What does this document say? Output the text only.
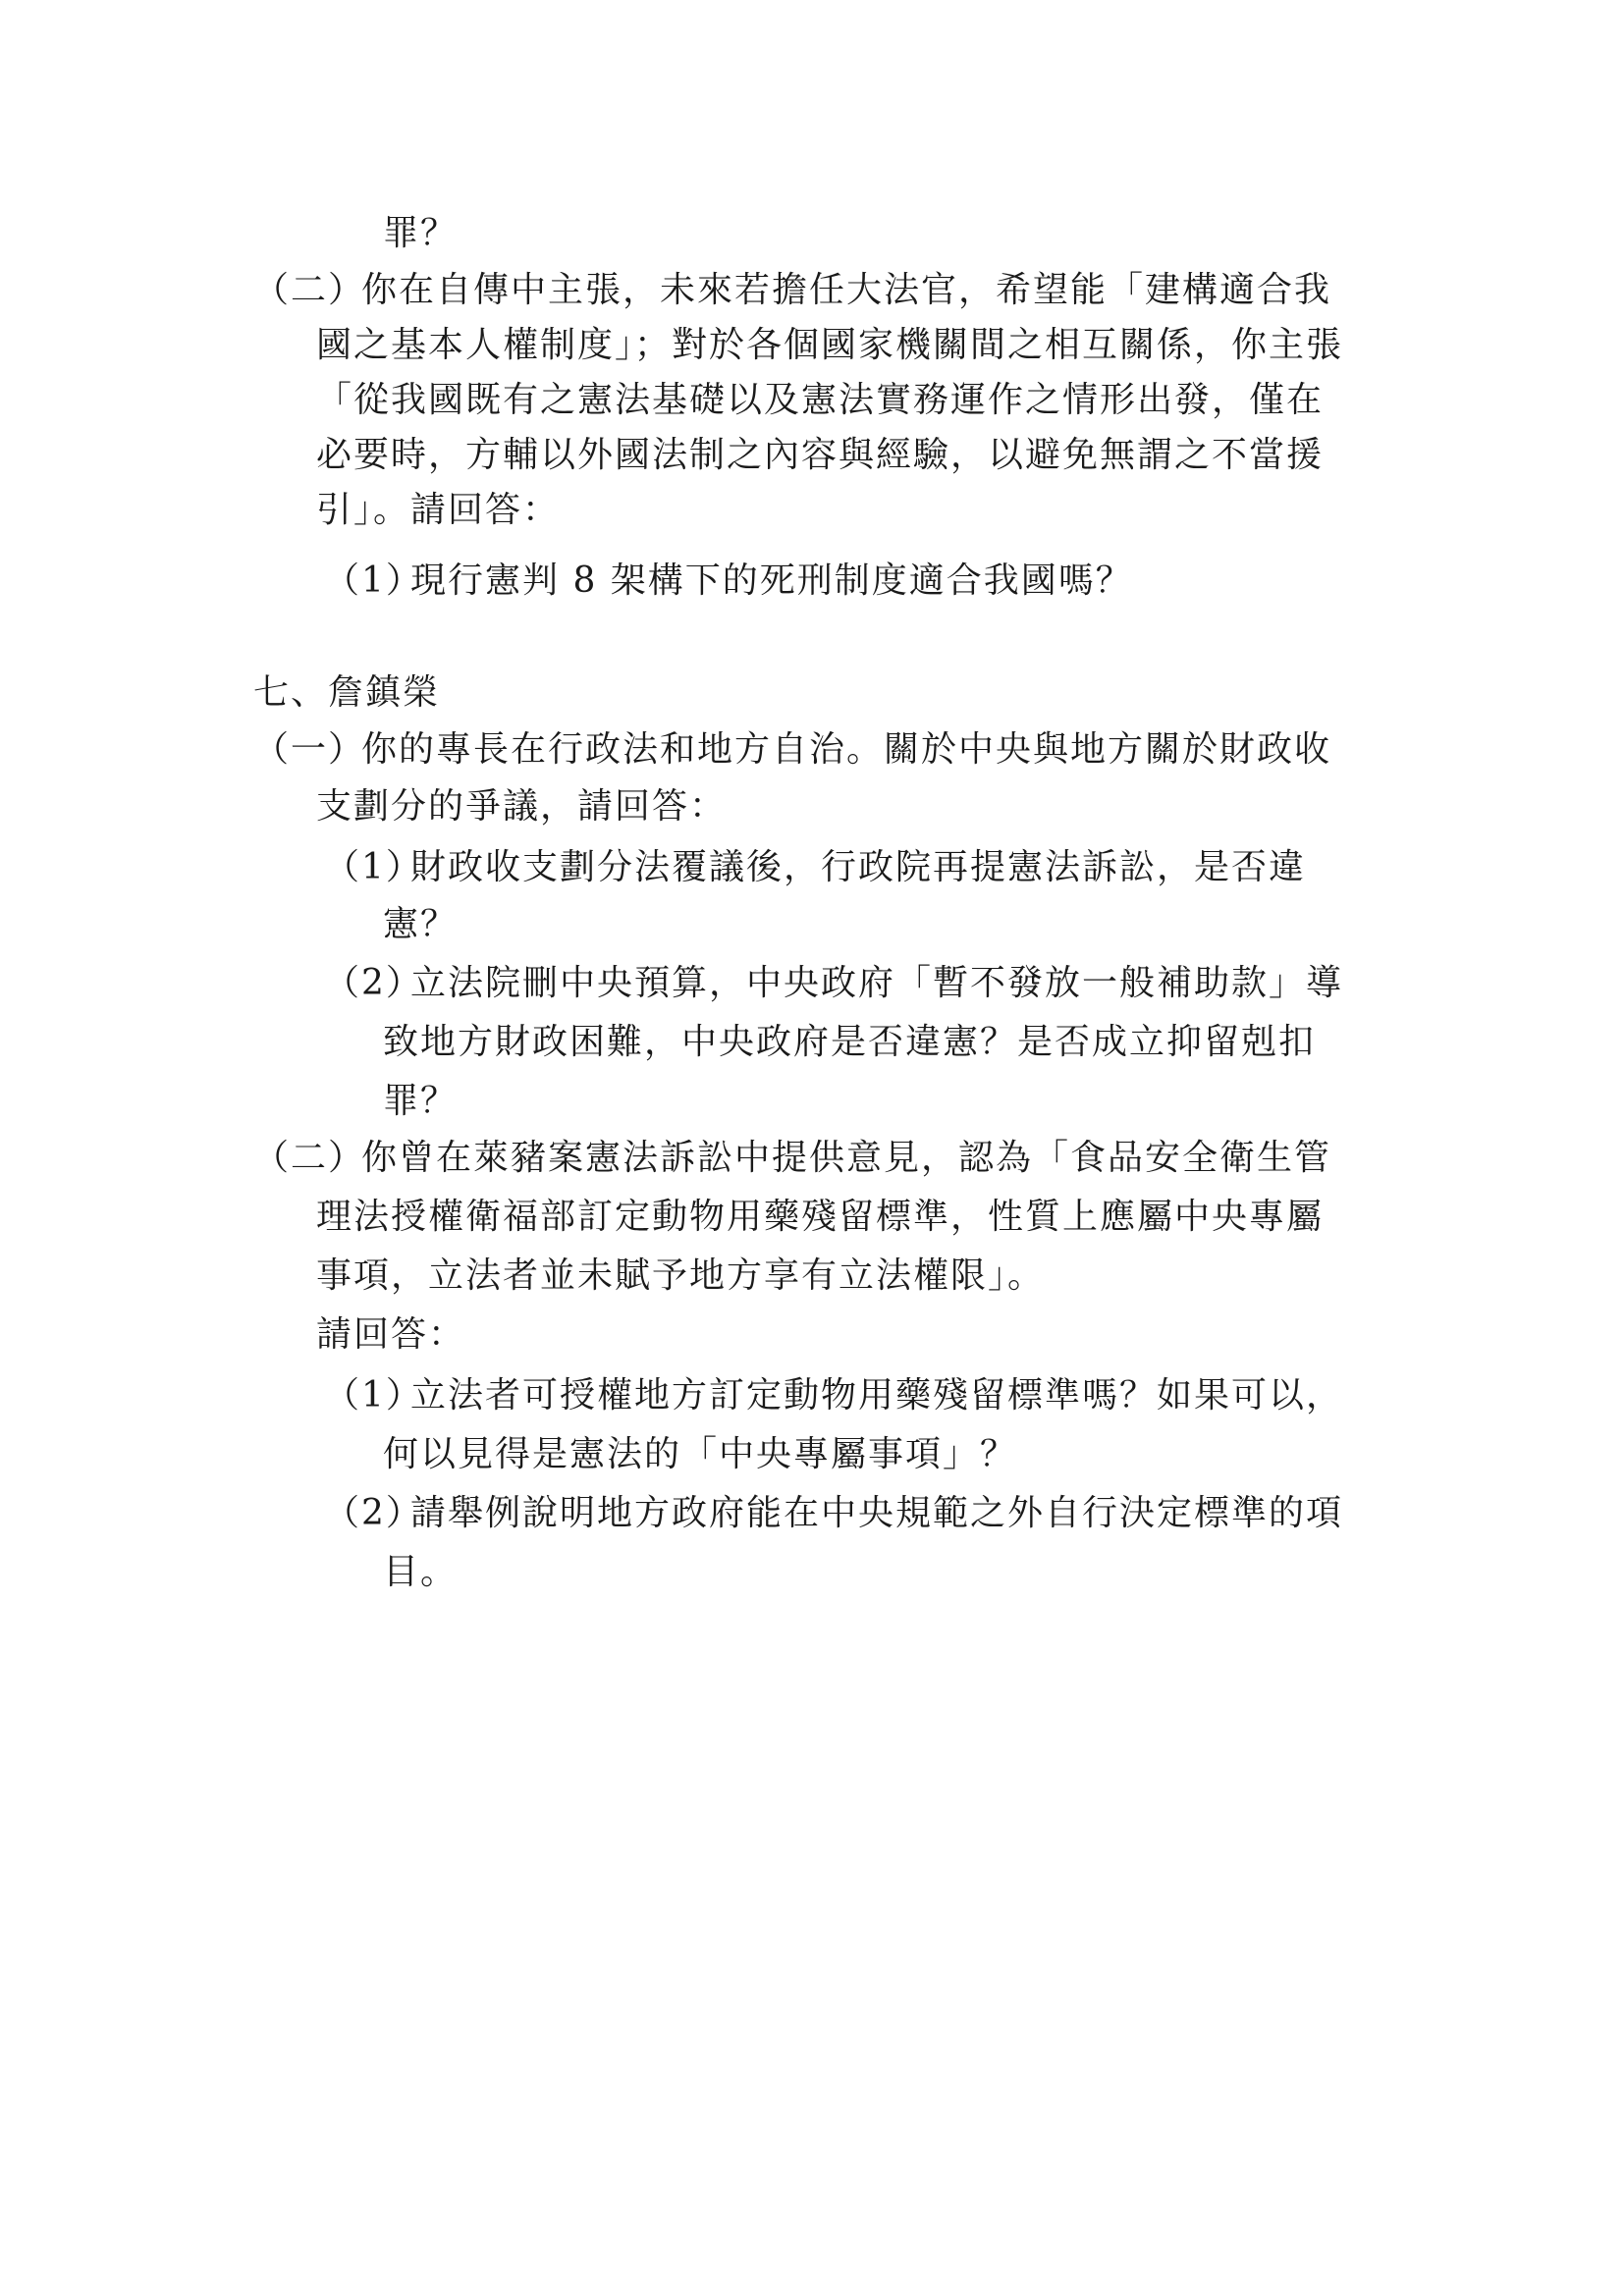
罪？
（二）
你在自傳中主張，未來若擔任大法官，希望能「建構適合我
國之基本人權制度」；對於各個國家機關間之相互關係，你主張
「從我國既有之憲法基礎以及憲法實務運作之情形出發，僅在
必要時，方輔以外國法制之內容與經驗，以避免無謂之不當援
引」。請回答：
（1）
現行憲判 8 架構下的死刑制度適合我國嗎？
七、詹鎮榮
（一）
你的專長在行政法和地方自治。關於中央與地方關於財政收
支劃分的爭議，請回答：
（1）
財政收支劃分法覆議後，行政院再提憲法訴訟，是否違
憲？
（2）
立法院刪中央預算，中央政府「暫不發放一般補助款」導
致地方財政困難，中央政府是否違憲？是否成立抑留剋扣
罪？
（二）
你曾在萊豬案憲法訴訟中提供意見，認為「食品安全衛生管
理法授權衛福部訂定動物用藥殘留標準，性質上應屬中央專屬
事項，立法者並未賦予地方享有立法權限」。
請回答：
（1）
立法者可授權地方訂定動物用藥殘留標準嗎？如果可以，
何以見得是憲法的「中央專屬事項」？
（2）
請舉例說明地方政府能在中央規範之外自行決定標準的項
目。
